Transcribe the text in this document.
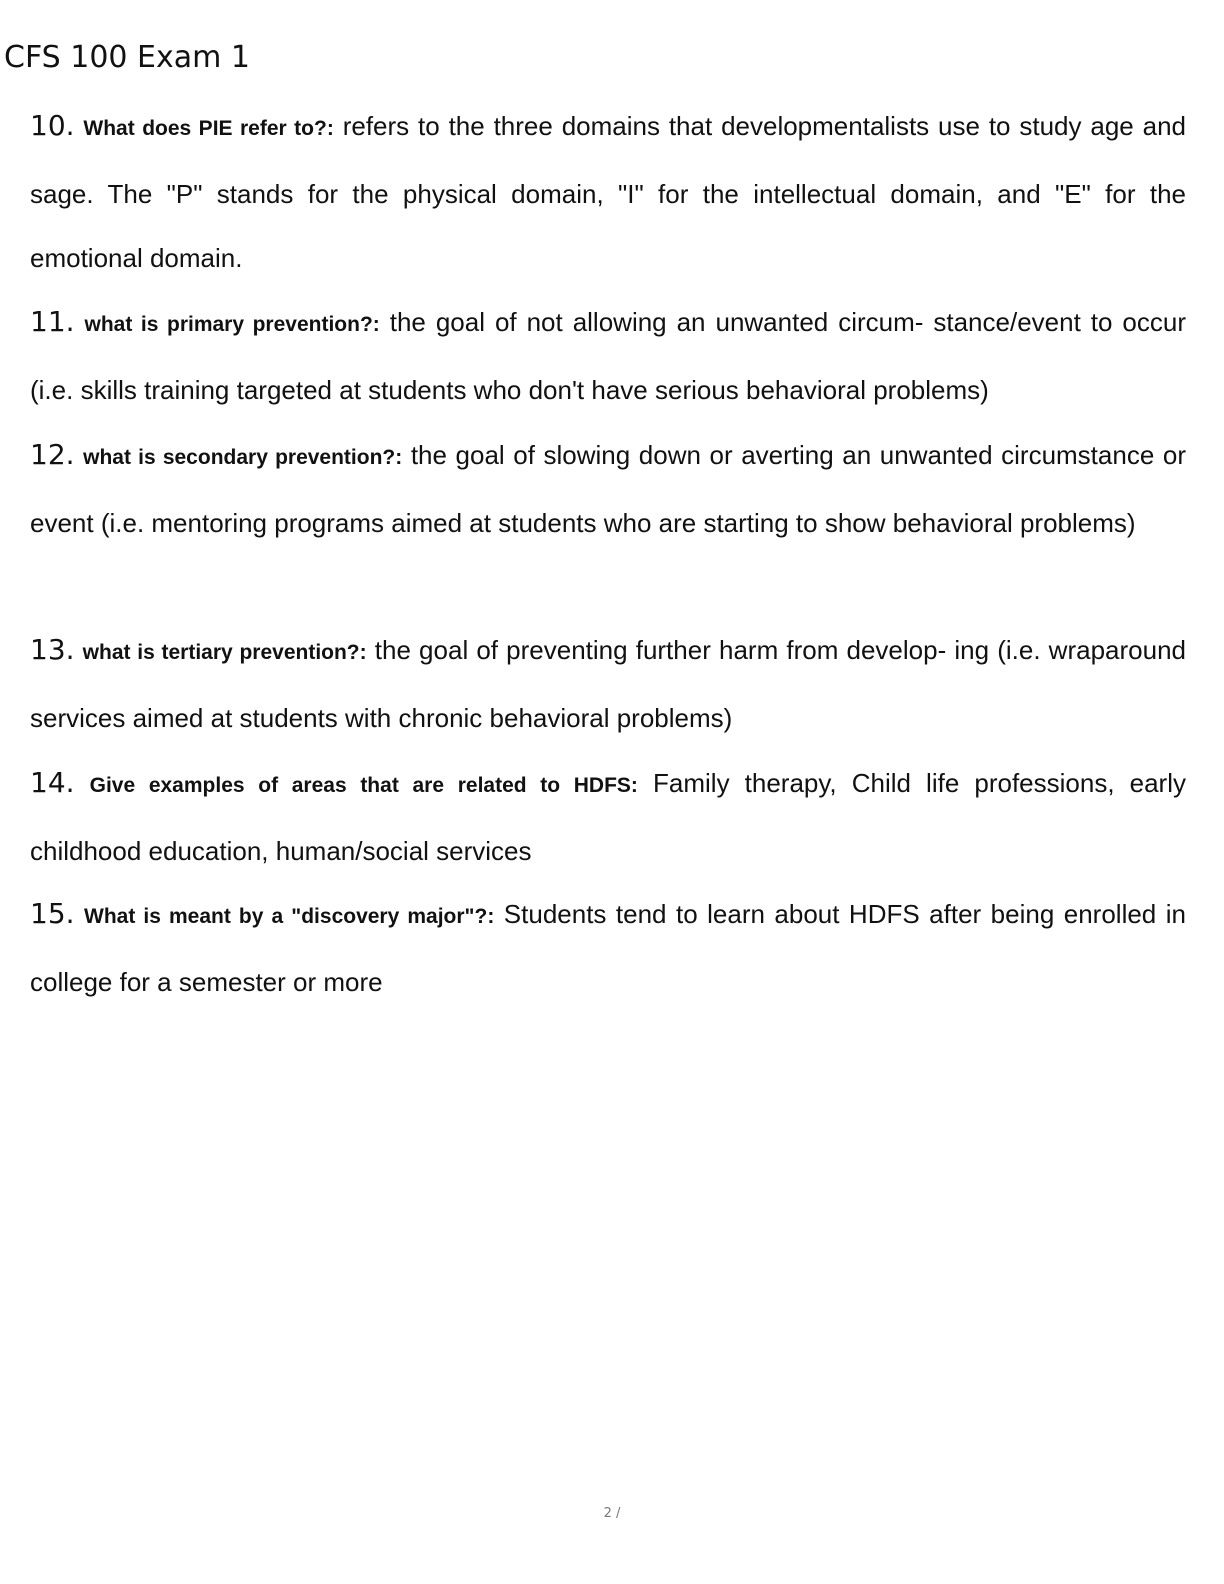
CFS 100 Exam 1
10. What does PIE refer to?: refers to the three domains that developmentalists use to study age and sage. The "P" stands for the physical domain, "I" for the intellectual domain, and "E" for the emotional domain.
11. what is primary prevention?: the goal of not allowing an unwanted circum- stance/event to occur (i.e. skills training targeted at students who don't have serious behavioral problems)
12. what is secondary prevention?: the goal of slowing down or averting an unwanted circumstance or event (i.e. mentoring programs aimed at students who are starting to show behavioral problems)
13. what is tertiary prevention?: the goal of preventing further harm from develop- ing (i.e. wraparound services aimed at students with chronic behavioral problems)
14. Give examples of areas that are related to HDFS: Family therapy, Child life professions, early childhood education, human/social services
15. What is meant by a "discovery major"?: Students tend to learn about HDFS after being enrolled in college for a semester or more
2 /
